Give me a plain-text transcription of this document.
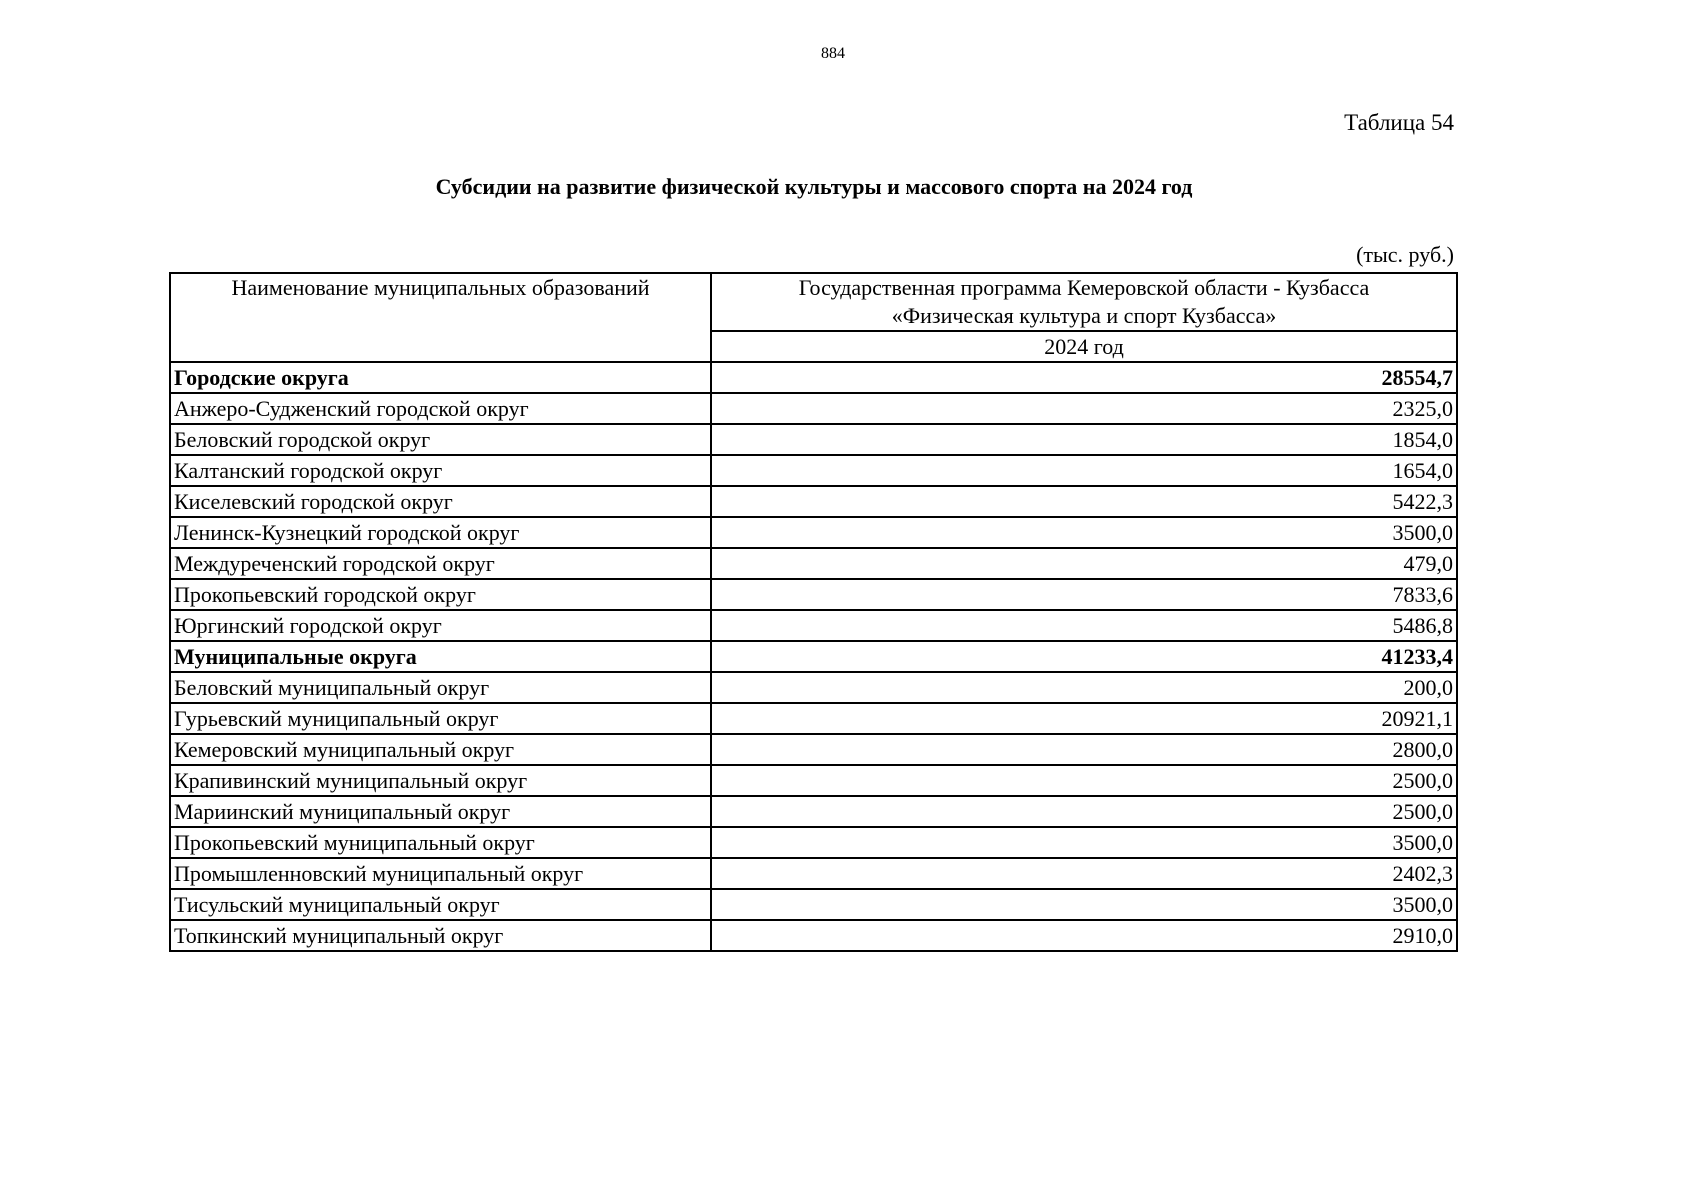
884
Таблица 54
Субсидии на развитие физической культуры и массового спорта на 2024 год
(тыс. руб.)
Наименование муниципальных образований	Государственная программа Кемеровской области - Кузбасса
«Физическая культура и спорт Кузбасса»
	2024 год
Городские округа	28554,7
Анжеро-Судженский городской округ	2325,0
Беловский городской округ	1854,0
Калтанский городской округ	1654,0
Киселевский городской округ	5422,3
Ленинск-Кузнецкий городской округ	3500,0
Междуреченский городской округ	479,0
Прокопьевский городской округ	7833,6
Юргинский городской округ	5486,8
Муниципальные округа	41233,4
Беловский муниципальный округ	200,0
Гурьевский муниципальный округ	20921,1
Кемеровский муниципальный округ	2800,0
Крапивинский муниципальный округ	2500,0
Мариинский муниципальный округ	2500,0
Прокопьевский муниципальный округ	3500,0
Промышленновский муниципальный округ	2402,3
Тисульский муниципальный округ	3500,0
Топкинский муниципальный округ	2910,0
